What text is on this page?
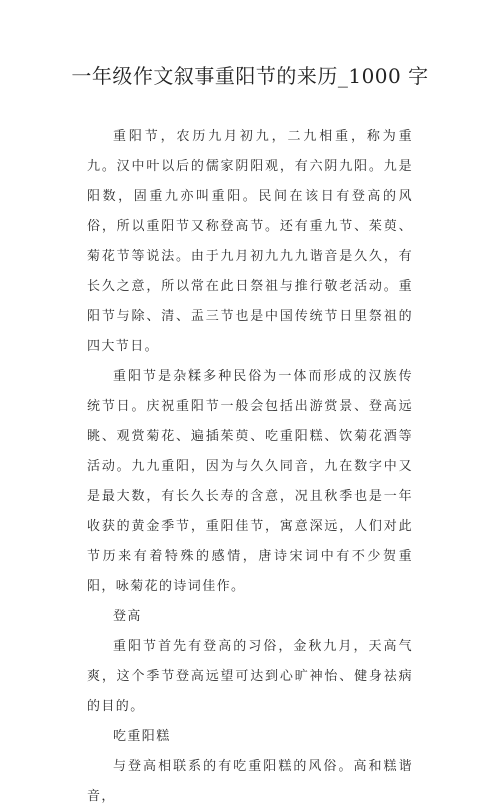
一年级作文叙事重阳节的来历_1000 字

重阳节，农历九月初九，二九相重，称为重九。汉中叶以后的儒家阴阳观，有六阴九阳。九是阳数，固重九亦叫重阳。民间在该日有登高的风俗，所以重阳节又称登高节。还有重九节、茱萸、菊花节等说法。由于九月初九九九谐音是久久，有长久之意，所以常在此日祭祖与推行敬老活动。重阳节与除、清、盂三节也是中国传统节日里祭祖的四大节日。

重阳节是杂糅多种民俗为一体而形成的汉族传统节日。庆祝重阳节一般会包括出游赏景、登高远眺、观赏菊花、遍插茱萸、吃重阳糕、饮菊花酒等活动。九九重阳，因为与久久同音，九在数字中又是最大数，有长久长寿的含意，况且秋季也是一年收获的黄金季节，重阳佳节，寓意深远，人们对此节历来有着特殊的感情，唐诗宋词中有不少贺重阳，咏菊花的诗词佳作。

登高

重阳节首先有登高的习俗，金秋九月，天高气爽，这个季节登高远望可达到心旷神怡、健身祛病的目的。

吃重阳糕

与登高相联系的有吃重阳糕的风俗。高和糕谐音，
